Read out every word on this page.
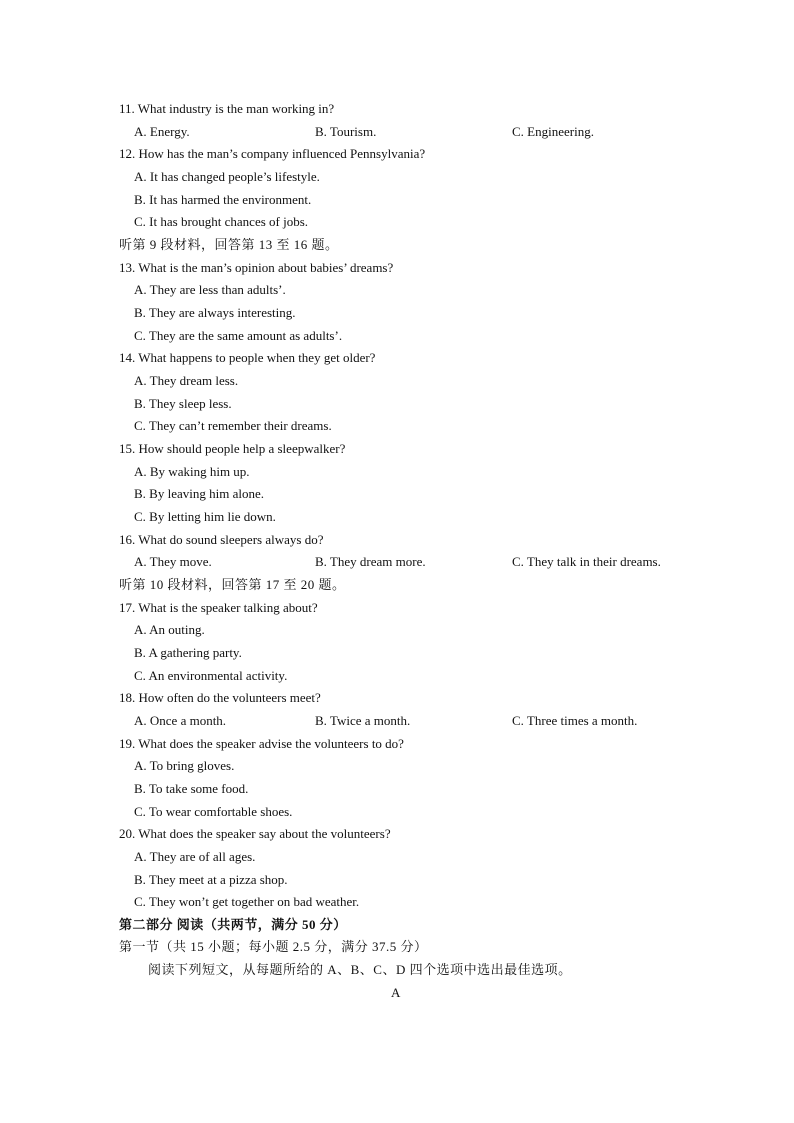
11. What industry is the man working in?
A. Energy.	B. Tourism.	C. Engineering.
12. How has the man’s company influenced Pennsylvania?
A. It has changed people’s lifestyle.
B. It has harmed the environment.
C. It has brought chances of jobs.
听第 9 段材料，回答第 13 至 16 题。
13. What is the man’s opinion about babies’ dreams?
A. They are less than adults’.
B. They are always interesting.
C. They are the same amount as adults’.
14. What happens to people when they get older?
A. They dream less.
B. They sleep less.
C. They can’t remember their dreams.
15. How should people help a sleepwalker?
A. By waking him up.
B. By leaving him alone.
C. By letting him lie down.
16. What do sound sleepers always do?
A. They move.	B. They dream more.	C. They talk in their dreams.
听第 10 段材料，回答第 17 至 20 题。
17. What is the speaker talking about?
A. An outing.
B. A gathering party.
C. An environmental activity.
18. How often do the volunteers meet?
A. Once a month.	B. Twice a month.	C. Three times a month.
19. What does the speaker advise the volunteers to do?
A. To bring gloves.
B. To take some food.
C. To wear comfortable shoes.
20. What does the speaker say about the volunteers?
A. They are of all ages.
B. They meet at a pizza shop.
C. They won’t get together on bad weather.
第二部分 阅读（共两节，满分 50 分）
第一节（共 15 小题；每小题 2.5 分，满分 37.5 分）
阅读下列短文，从每题所给的 A、B、C、D 四个选项中选出最佳选项。
A
